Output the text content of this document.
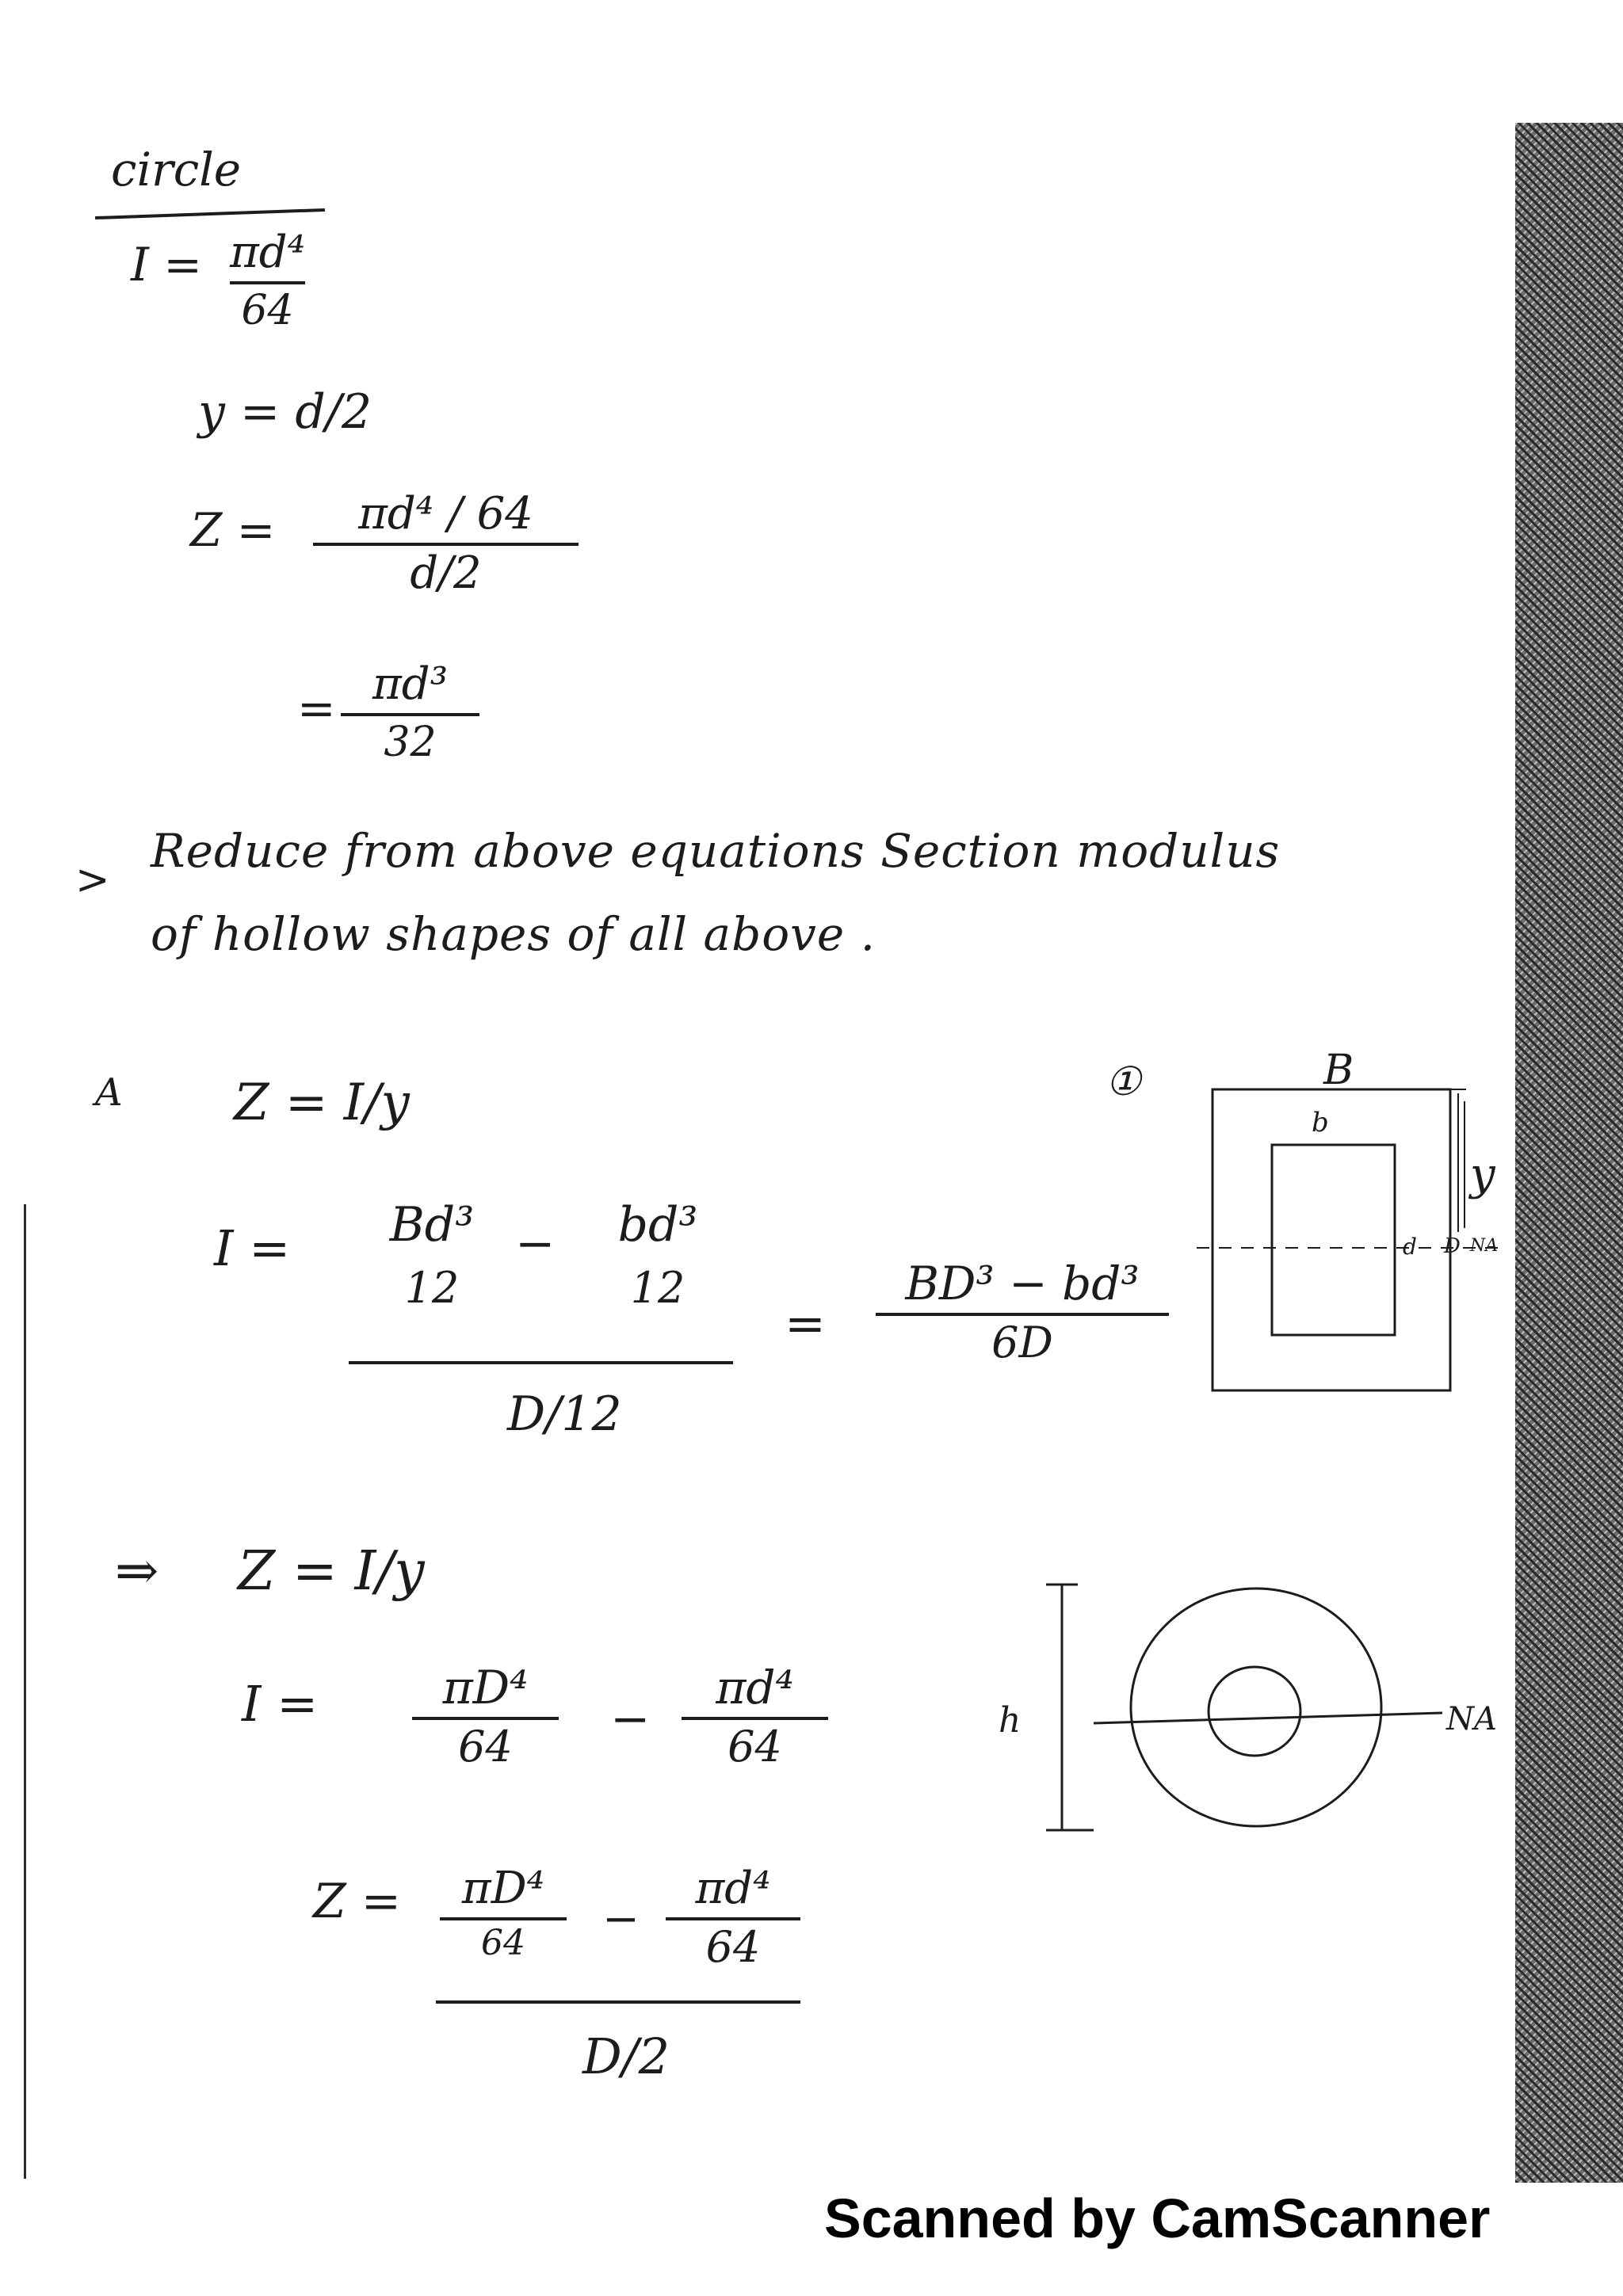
circle
I = πd⁴
64
y = d/2
Z = πd⁴ / 64
d/2
= πd³
32
>
Reduce from above equations Section modulus
of hollow shapes of all above .
A Z = I/y
I = Bd³
12
− bd³
12
D/12
=
BD³ − bd³
6D
①	B
b
y
d D NA
⇒ Z = I/y
I =	πD⁴
64 −
πd⁴
64
Z = πD⁴
64 −
πd⁴
64
D/2
h	NA
Scanned by CamScanner
